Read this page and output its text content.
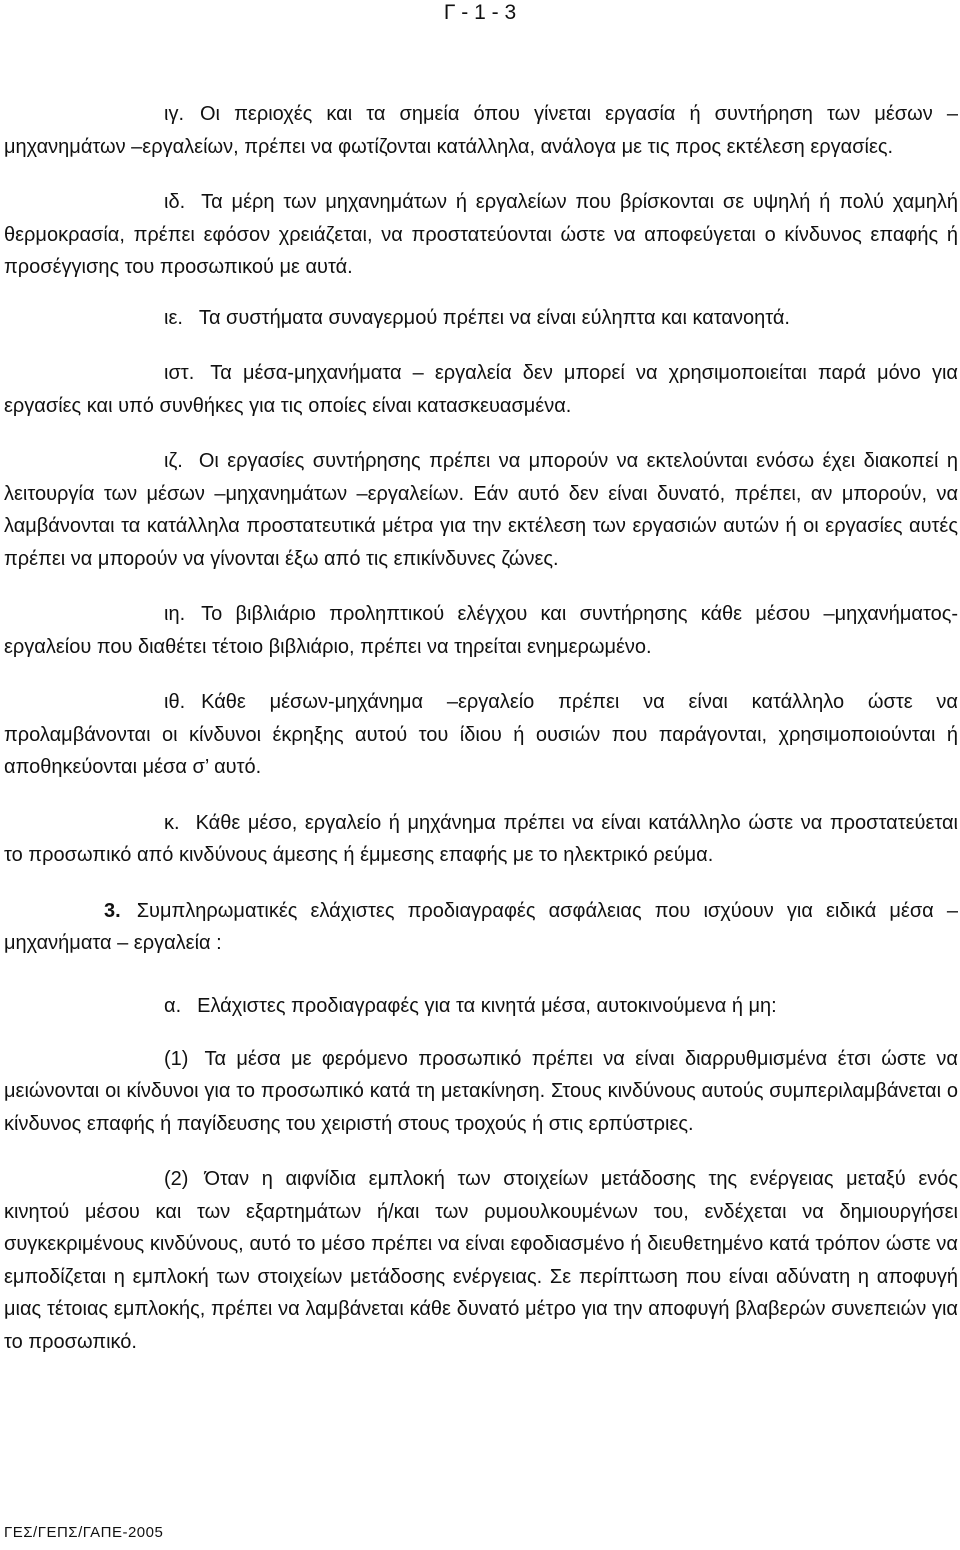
Γ - 1 - 3

ιγ. Οι περιοχές και τα σημεία όπου γίνεται εργασία ή συντήρηση των μέσων –μηχανημάτων –εργαλείων, πρέπει να φωτίζονται κατάλληλα, ανάλογα με τις προς εκτέλεση εργασίες.

ιδ. Τα μέρη των μηχανημάτων ή εργαλείων που βρίσκονται σε υψηλή ή πολύ χαμηλή θερμοκρασία, πρέπει εφόσον χρειάζεται, να προστατεύονται ώστε να αποφεύγεται ο κίνδυνος επαφής ή προσέγγισης του προσωπικού με αυτά.

ιε. Τα συστήματα συναγερμού πρέπει να είναι εύληπτα και κατανοητά.

ιστ. Τα μέσα-μηχανήματα – εργαλεία δεν μπορεί να χρησιμοποιείται παρά μόνο για εργασίες και υπό συνθήκες για τις οποίες είναι κατασκευασμένα.

ιζ. Οι εργασίες συντήρησης πρέπει να μπορούν να εκτελούνται ενόσω έχει διακοπεί η λειτουργία των μέσων –μηχανημάτων –εργαλείων. Εάν αυτό δεν είναι δυνατό, πρέπει, αν μπορούν, να λαμβάνονται τα κατάλληλα προστατευτικά μέτρα για την εκτέλεση των εργασιών αυτών ή οι εργασίες αυτές πρέπει να μπορούν να γίνονται έξω από τις επικίνδυνες ζώνες.

ιη. Το βιβλιάριο προληπτικού ελέγχου και συντήρησης κάθε μέσου –μηχανήματος-εργαλείου που διαθέτει τέτοιο βιβλιάριο, πρέπει να τηρείται ενημερωμένο.

ιθ. Κάθε μέσων-μηχάνημα –εργαλείο πρέπει να είναι κατάλληλο ώστε να προλαμβάνονται οι κίνδυνοι έκρηξης αυτού του ίδιου ή ουσιών που παράγονται, χρησιμοποιούνται ή αποθηκεύονται μέσα σ’ αυτό.

κ. Κάθε μέσο, εργαλείο ή μηχάνημα πρέπει να είναι κατάλληλο ώστε να προστατεύεται το προσωπικό από κινδύνους άμεσης ή έμμεσης επαφής με το ηλεκτρικό ρεύμα.

3. Συμπληρωματικές ελάχιστες προδιαγραφές ασφάλειας που ισχύουν για ειδικά μέσα –μηχανήματα – εργαλεία :

α. Ελάχιστες προδιαγραφές για τα κινητά μέσα, αυτοκινούμενα ή μη:

(1) Τα μέσα με φερόμενο προσωπικό πρέπει να είναι διαρρυθμισμένα έτσι ώστε να μειώνονται οι κίνδυνοι για το προσωπικό κατά τη μετακίνηση. Στους κινδύνους αυτούς συμπεριλαμβάνεται ο κίνδυνος επαφής ή παγίδευσης του χειριστή στους τροχούς ή στις ερπύστριες.

(2) Όταν η αιφνίδια εμπλοκή των στοιχείων μετάδοσης της ενέργειας μεταξύ ενός κινητού μέσου και των εξαρτημάτων ή/και των ρυμουλκουμένων του, ενδέχεται να δημιουργήσει συγκεκριμένους κινδύνους, αυτό το μέσο πρέπει να είναι εφοδιασμένο ή διευθετημένο κατά τρόπον ώστε να εμποδίζεται η εμπλοκή των στοιχείων μετάδοσης ενέργειας. Σε περίπτωση που είναι αδύνατη η αποφυγή μιας τέτοιας εμπλοκής, πρέπει να λαμβάνεται κάθε δυνατό μέτρο για την αποφυγή βλαβερών συνεπειών για το προσωπικό.

ΓΕΣ/ΓΕΠΣ/ΓΑΠΕ-2005
